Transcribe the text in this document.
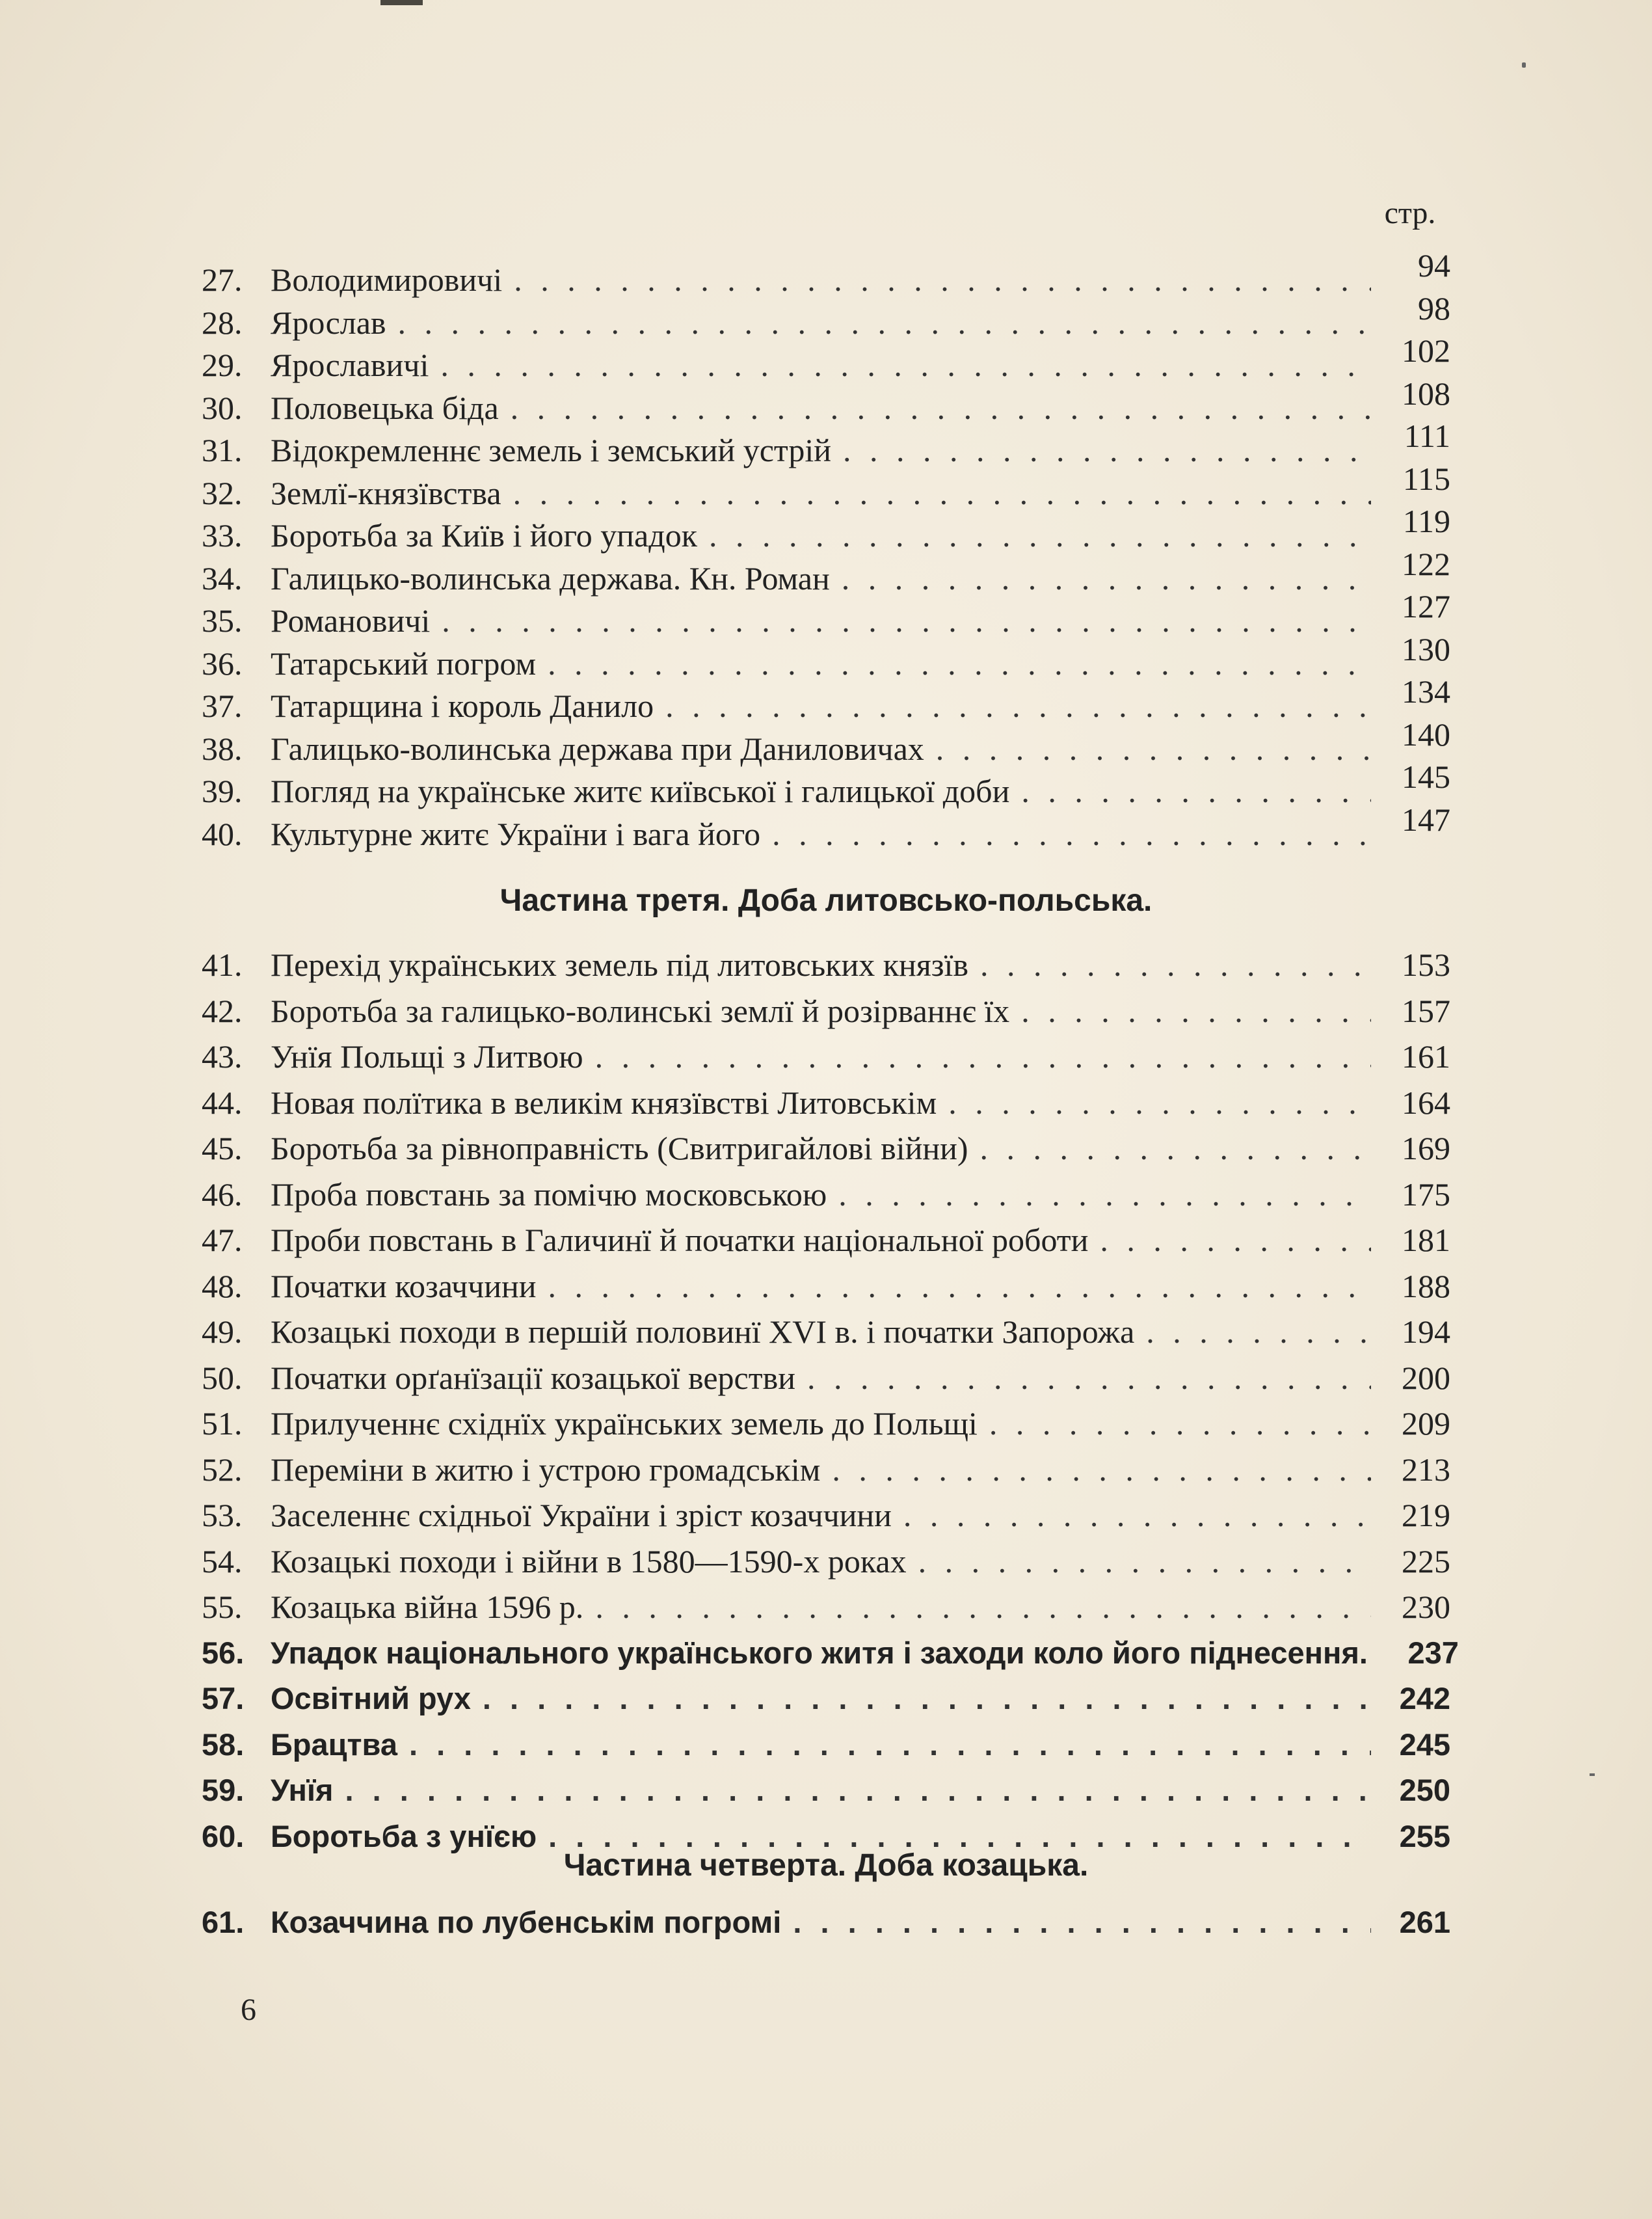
стр.
27. Володимировичі . . .	94
28. Ярослав . . .	98
29. Ярославичі . . .	102
30. Половецька біда . . .	108
31. Відокремленнє земель і земський устрій . . .	111
32. Землї-князївства . . .	115
33. Боротьба за Київ і його упадок . . .	119
34. Галицько-волинська держава. Кн. Роман . . .	122
35. Романовичі . . .	127
36. Татарський погром . . .	130
37. Татарщина і король Данило . . .	134
38. Галицько-волинська держава при Даниловичах . . .	140
39. Погляд на українське житє київської і галицької доби . . .	145
40. Культурне житє України і вага його . . .	147
41. Перехід українських земель під литовських князїв . . .	153
42. Боротьба за галицько-волинські землї й розірваннє їх . . .	157
43. Унїя Польщі з Литвою . . .	161
44. Новая полїтика в великім князївстві Литовськім . . .	164
45. Боротьба за рівноправність (Свитригайлові війни) . . .	169
46. Проба повстань за помічю московською . . .	175
47. Проби повстань в Галичинї й початки національної роботи . . .	181
48. Початки козаччини . . .	188
49. Козацькі походи в першій половинї XVI в. і початки Запорожа . . .	194
50. Початки орґанїзації козацької верстви . . .	200
51. Прилученнє східнїх українських земель до Польщі . . .	209
52. Переміни в житю і устрою громадськім . . .	213
53. Заселеннє східньої України і зріст козаччини . . .	219
54. Козацькі походи і війни в 1580—1590-х роках . . .	225
55. Козацька війна 1596 р. . . .	230
56. Упадок національного українського житя і заходи коло його піднесення. . . .	237
57. Освітний рух . . .	242
58. Брацтва . . .	245
59. Унїя . . .	250
60. Боротьба з унїєю . . .	255
61. Козаччина по лубенськім погромі . . .	261
Частина третя. Доба литовсько-польська.
Частина четверта. Доба козацька.
6
